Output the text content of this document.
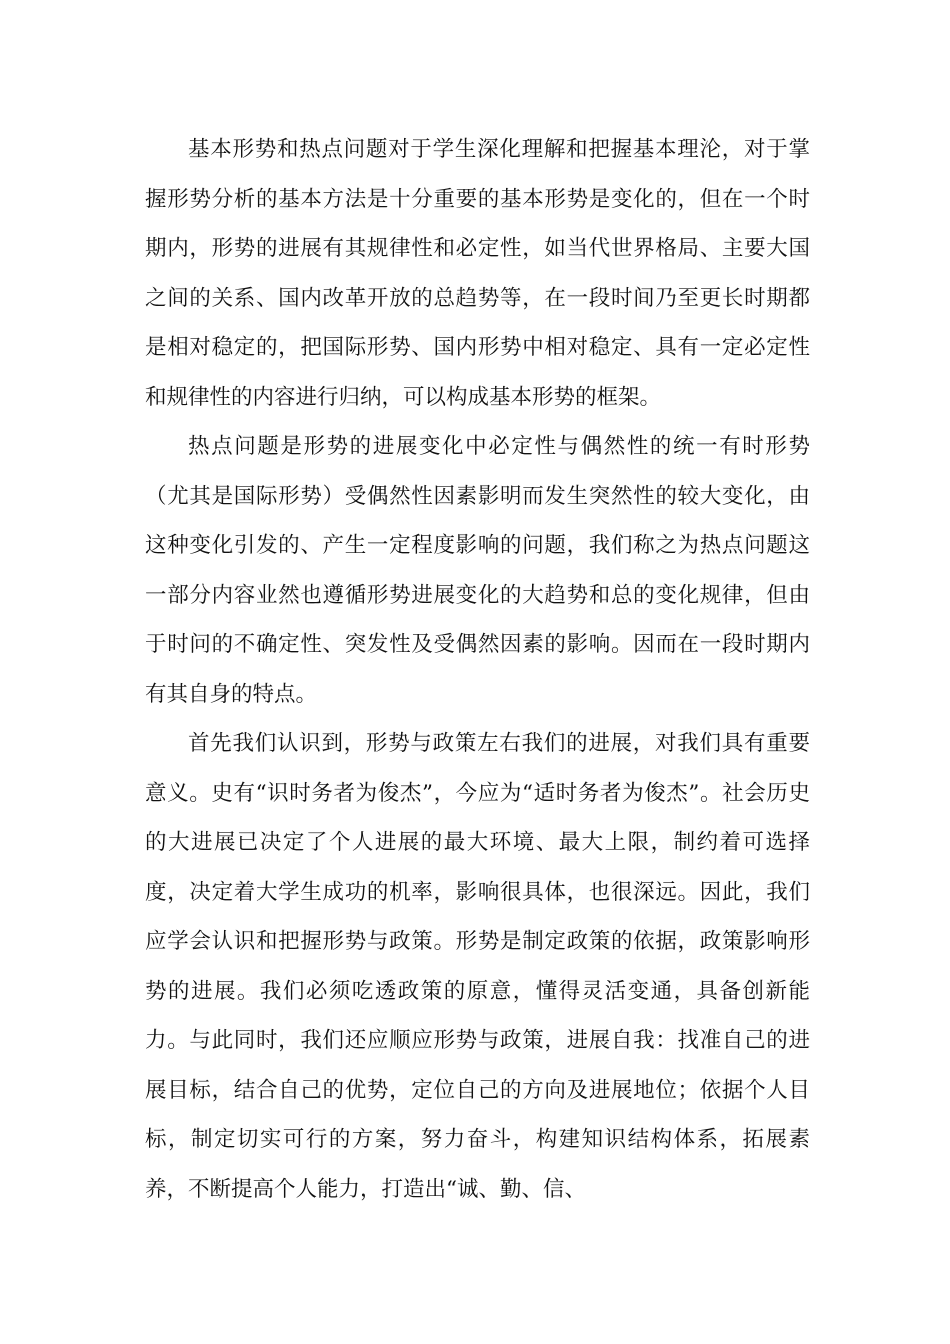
基本形势和热点问题对于学生深化理解和把握基本理沦，对于掌握形势分析的基本方法是十分重要的基本形势是变化的，但在一个时期内，形势的进展有其规律性和必定性，如当代世界格局、主要大国之间的关系、国内改革开放的总趋势等，在一段时间乃至更长时期都是相对稳定的，把国际形势、国内形势中相对稳定、具有一定必定性和规律性的内容进行归纳，可以构成基本形势的框架。

热点问题是形势的进展变化中必定性与偶然性的统一有时形势（尤其是国际形势）受偶然性因素影明而发生突然性的较大变化，由这种变化引发的、产生一定程度影响的问题，我们称之为热点问题这一部分内容业然也遵循形势进展变化的大趋势和总的变化规律，但由于时问的不确定性、突发性及受偶然因素的影响。因而在一段时期内有其自身的特点。

首先我们认识到，形势与政策左右我们的进展，对我们具有重要意义。史有“识时务者为俊杰”，今应为“适时务者为俊杰”。社会历史的大进展已决定了个人进展的最大环境、最大上限，制约着可选择度，决定着大学生成功的机率，影响很具体，也很深远。因此，我们应学会认识和把握形势与政策。形势是制定政策的依据，政策影响形势的进展。我们必须吃透政策的原意，懂得灵活变通，具备创新能力。与此同时，我们还应顺应形势与政策，进展自我：找准自己的进展目标，结合自己的优势，定位自己的方向及进展地位；依据个人目标，制定切实可行的方案，努力奋斗，构建知识结构体系，拓展素养，不断提高个人能力，打造出“诚、勤、信、
